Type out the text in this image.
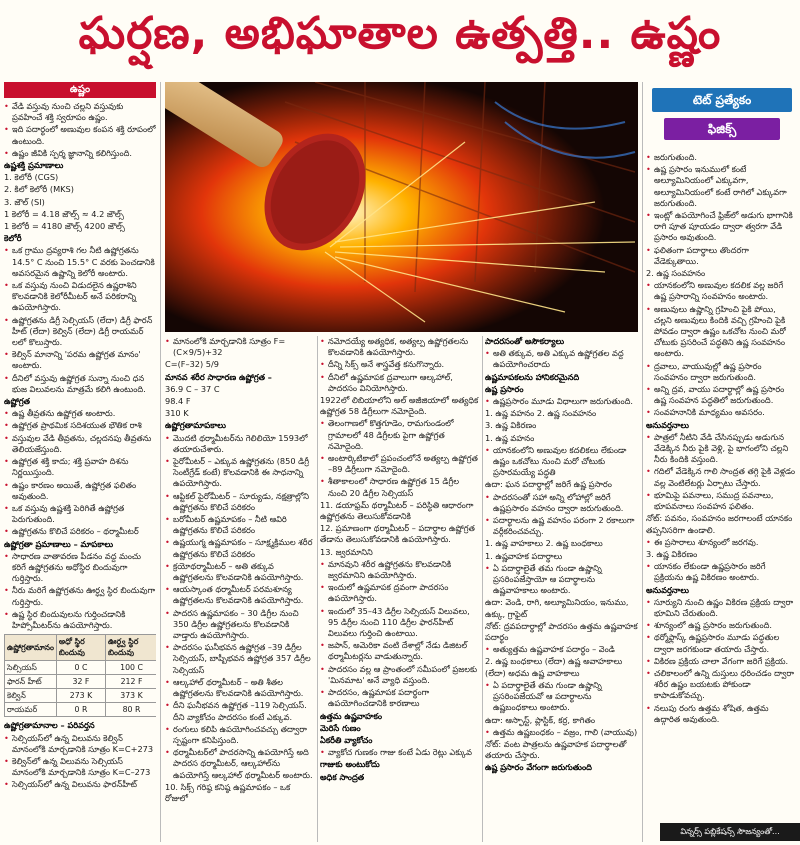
ఘర్షణ, అభిఘాతాల ఉత్పత్తి.. ఉష్ణం
ఉష్ణం

• వేడి వస్తువు నుంచి చల్లని వస్తువుకు ప్రవహించే శక్తి స్వరూపం ఉష్ణం.

• ఇది పదార్థంలో అణువుల కంపన శక్తి రూపంలో ఉంటుంది.

• ఉష్ణం జీవికి స్పర్శ జ్ఞానాన్ని కలిగిస్తుంది.

ఉష్ణశక్తి ప్రమాణాలు

1. కెలోరీ (CGS)

2. కిలో కెలోరీ (MKS)

3. జౌల్ (SI)

1 కెలోరీ = 4.18 జౌల్స్ ≈ 4.2 జౌల్స్

1 కెలోరీ = 4180 జౌల్స్ 4200 జౌల్స్

కెలోరీ

• ఒక గ్రాము ద్రవ్యరాశి గల నీటి ఉష్ణోగ్రతను 14.5° C నుంచి 15.5° C వరకు పెంచడానికి అవసరమైన ఉష్ణాన్ని కెలోరీ అంటారు.

• ఒక వస్తువు నుంచి విడుదలైన ఉష్ణరాశిని కొలవడానికి కెలోరీమీటర్ అనే పరికరాన్ని ఉపయోగిస్తారు.

• ఉష్ణోగ్రతను డిగ్రీ సెల్సియస్ (లేదా) డిగ్రీ ఫారన్ హీట్ (లేదా) కెల్విన్ (లేదా) డిగ్రీ రాయమర్ లలో కొలుస్తారు.

• కెల్విన్ మానాన్ని 'పరమ ఉష్ణోగ్రత మానం' అంటారు.

• దీనిలో వస్తువు ఉష్ణోగ్రత సున్నా నుంచి ధన భుజ విలువలను మాత్రమే కలిగి ఉంటుంది.

ఉష్ణోగ్రత

• ఉష్ణ తీవ్రతను ఉష్ణోగ్రత అంటారు.

• ఉష్ణోగ్రత ప్రాథమిక సదిశయుత భౌతిక రాశి

• వస్తువుల వేడి తీవ్రతను, చల్లదనపు తీవ్రతను తెలియజేస్తుంది.

• ఉష్ణోగ్రత శక్తి కాదు; శక్తి ప్రవాహ దిశను నిర్ణయిస్తుంది.

• ఉష్ణం కారణం అయితే, ఉష్ణోగ్రత ఫలితం అవుతుంది.

• ఒక వస్తువు ఉష్ణశక్తి పెరిగితే ఉష్ణోగ్రత పెరుగుతుంది.

• ఉష్ణోగ్రతను కొలిచే పరికరం – థర్మామీటర్

ఉష్ణోగ్రతా ప్రమాణాలు – మాపకాలు

• సాధారణ వాతావరణ పీడనం వద్ద మంచు కరిగే ఉష్ణోగ్రతను అధోస్థిర బిందువుగా గుర్తిస్తారు.

• నీరు మరిగే ఉష్ణోగ్రతను ఊర్ధ్వ స్థిర బిందువుగా గుర్తిస్తారు.

• ఉష్ణ స్థిర బిందువులను గుర్తించడానికి హిప్సోమీటర్‌ను ఉపయోగిస్తారు.

ఉష్ణోగ్రతామానం	అధో స్థిర బిందువు	ఊర్ధ్వ స్థిర బిందువు
సెల్సియస్	0 C	100 C
ఫారన్ హీట్	32 F	212 F
కెల్విన్	273 K	373 K
రాయమర్	0 R	80 R

ఉష్ణోగ్రతామానాల – పరివర్తన

• సెల్సియస్‌లో ఉన్న విలువను కెల్విన్ మానంలోకి మార్చడానికి సూత్రం K=C+273

• కెల్విన్‌లో ఉన్న విలువను సెల్సియస్ మానంలోకి మార్చడానికి సూత్రం K=C–273

• సెల్సియస్‌లో ఉన్న విలువను ఫారన్‌హీట్

• మానంలోకి మార్చడానికి సూత్రం F=(C×9/5)+32

C=(F–32) 5/9

మానవ శరీర సాధారణ ఉష్ణోగ్రత –

36.9 C – 37 C

98.4 F

310 K

ఉష్ణోగ్రతామాపకాలు

• మొదటి థర్మామీటర్‌ను గెలిలియో 1593లో తయారుచేశారు.

• పైరోమీటర్ – ఎక్కువ ఉష్ణోగ్రతను (850 డిగ్రీ సెంటీగ్రేడ్ కంటే) కొలవడానికి ఈ సాధనాన్ని ఉపయోగిస్తారు.

• ఆప్టికల్ పైరోమీటర్ – సూర్యుడు, నక్షత్రాల్లోని ఉష్ణోగ్రతను కొలిచే పరికరం

• బరోమీటర్ ఉష్ణమాపకం – నీటి ఆవిరి ఉష్ణోగ్రతను కొలిచే పరికరం

• ఉష్ణయుగ్మ ఉష్ణమాపకం – సూక్ష్మక్రిముల శరీర ఉష్ణోగ్రతను కొలిచే పరికరం

• క్రయోథర్మామీటర్ – అతి తక్కువ ఉష్ణోగ్రతలను కొలవడానికి ఉపయోగిస్తారు.

• ఆయస్కాంత థర్మామీటర్ పరమశూన్య ఉష్ణోగ్రతలను కొలవడానికి ఉపయోగిస్తారు.

• పాదరస ఉష్ణమాపకం – 30 డిగ్రీల నుంచి 350 డిగ్రీల ఉష్ణోగ్రతలను కొలవడానికి వాడ్తారు ఉపయోగిస్తారు.

• పాదరసం ఘనీభవన ఉష్ణోగ్రత –39 డిగ్రీల సెల్సియస్, బాష్పీభవన ఉష్ణోగ్రత 357 డిగ్రీల సెల్సియస్

• ఆల్కహాల్ థర్మామీటర్ – అతి శీతల ఉష్ణోగ్రతలను కొలవడానికి ఉపయోగిస్తారు.

• దీని ఘనీభవన ఉష్ణోగ్రత –119 సెల్సియస్. దీని వ్యాకోచం పాదరసం కంటే ఎక్కువ.

• రంగులు కలిపి ఉపయోగించవచ్చు తద్వారా స్పష్టంగా కనిపిస్తుంది.

• థర్మామీటర్‌లో పాదరసాన్ని ఉపయోగిస్తే అది పాదరస థర్మామీటర్, ఆల్కహాల్‌ను ఉపయోగిస్తే ఆల్కహాల్ థర్మామీటర్ అంటారు.

10. సిక్స్ గరిష్ఠ కనిష్ఠ ఉష్ణమాపకం – ఒక రోజులో

• నమోదయ్యే అత్యధిక, అత్యల్ప ఉష్ణోగ్రతలను కొలవడానికి ఉపయోగిస్తారు.

• దీన్ని సిక్స్ అనే శాస్త్రవేత్త కనుగొన్నారు.

• దీనిలో ఉష్ణమాపక ద్రవాలుగా ఆల్కహాల్, పాదరసం వినియోగిస్తారు.

1922లో లిబియాలోని అల్ అజీజియాలో అత్యధిక ఉష్ణోగ్రత 58 డిగ్రీలుగా నమోదైంది.

• తెలంగాణలో కొత్తగూడెం, రామగుండంలో గ్రామాలలో 48 డిగ్రీలకు పైగా ఉష్ణోగ్రత నమోదైంది.

• అంటార్కిటికాలో ప్రపంచంలోనే అత్యల్ప ఉష్ణోగ్రత –89 డిగ్రీలుగా నమోదైంది.

• శీతాకాలంలో సాధారణ ఉష్ణోగ్రత 15 డిగ్రీల నుంచి 20 డిగ్రీల సెల్సియస్

11. డయాఫ్రమ్ థర్మామీటర్ – పరిస్థితి ఆధారంగా ఉష్ణోగ్రతను తెలుసుకోవడానికి

12. ప్రమాణంగా థర్మామీటర్ – పదార్థాల ఉష్ణోగ్రత తేడాను తెలుసుకోవడానికి ఉపయోగిస్తారు.

13. జ్వరమానిని

• మానవుని శరీర ఉష్ణోగ్రతను కొలవడానికి జ్వరమానిని ఉపయోగిస్తారు.

• ఇందులో ఉష్ణమాపక ద్రవంగా పాదరసం ఉపయోగిస్తారు.

• ఇందులో 35–43 డిగ్రీల సెల్సియస్ విలువలు, 95 డిగ్రీల నుంచి 110 డిగ్రీల ఫారన్‌హీట్ విలువలు గుర్తించి ఉంటాయి.

• జపాన్, అమెరికా వంటి దేశాల్లో నేడు డిజిటల్ థర్మామీటర్లను వాడుతున్నారు.

• పాదరసం వల్ల ఆ ప్రాంతంలో సమీపంలో ప్రజలకు 'మినమాట' అనే వ్యాధి వస్తుంది.

• పాదరసం, ఉష్ణమాపక పదార్థంగా ఉపయోగించడానికి కారణాలు

ఉత్తమ ఉష్ణవాహకం

మెరిసే గుణం

ఏకరీతి వ్యాకోచం

• వ్యాకోచ గుణకం గాజు కంటే ఏడు రెట్లు ఎక్కువ

గాజుకు అంటుకోదు

అధిక సాంద్రత

పాదరసంతో అసౌకర్యాలు

• అతి తక్కువ, అతి ఎక్కువ ఉష్ణోగ్రతల వద్ద ఉపయోగించరాదు

ఉష్ణమాపకలను హానికరమైనది

ఉష్ణ ప్రసారం

• ఉష్ణప్రసారం మూడు విధాలుగా జరుగుతుంది.

1. ఉష్ణ వహనం 2. ఉష్ణ సంవహనం

3. ఉష్ణ వికిరణం

1. ఉష్ణ వహనం

• యానకంలోని అణువుల కదలికలు లేకుండా ఉష్ణం ఒకచోటు నుంచి మరో చోటుకు ప్రసారమయ్యే పద్ధతి

ఉదా: ఘన పదార్థాల్లో జరిగే ఉష్ణ ప్రసారం

• పాదరసంతో సహా అన్ని లోహాల్లో జరిగే ఉష్ణప్రసారం వహనం ద్వారా జరుగుతుంది.

• పదార్థాలను ఉష్ణ వహనం పరంగా 2 రకాలుగా వర్గీకరించవచ్చు.

1. ఉష్ణ వాహకాలు 2. ఉష్ణ బంధకాలు

1. ఉష్ణవాహక పదార్థాలు

• ఏ పదార్థాలైతే తమ గుండా ఉష్ణాన్ని ప్రసరింపజేస్తాయో ఆ పదార్థాలను ఉష్ణవాహకాలు అంటారు.

ఉదా: వెండి, రాగి, అల్యూమినియం, ఇనుము, ఉక్కు, గ్రాఫైట్

నోట్: ద్రవపదార్థాల్లో పాదరసం ఉత్తమ ఉష్ణవాహక పదార్థం

• అత్యుత్తమ ఉష్ణవాహక పదార్థం – వెండి

2. ఉష్ణ బంధకాలు (లేదా) ఉష్ణ అవాహకాలు (లేదా) అధమ ఉష్ణ వాహకాలు

• ఏ పదార్థాలైతే తమ గుండా ఉష్ణాన్ని ప్రసరింపజేయవో ఆ పదార్థాలను ఉష్ణబంధకాలు అంటారు.

ఉదా: ఆస్ఫాస్ట్, ప్లాస్టిక్, కర్ర, కాగితం

• ఉత్తమ ఉష్ణబంధకం – వజ్రం, గాలి (వాయువు)

నోట్: వంట పాత్రలను ఉష్ణవాహక పదార్థాలతో తయారు చేస్తారు.

ఉష్ణ ప్రసారం వేగంగా జరుగుతుంది

టెట్ ప్రత్యేకం
ఫిజిక్స్

• జరుగుతుంది.

• ఉష్ణ ప్రసారం ఇనుములో కంటే అల్యూమినియంలో ఎక్కువగా, అల్యూమినియంలో కంటే రాగిలో ఎక్కువగా జరుగుతుంది.

• ఇంట్లో ఉపయోగించే ఫ్రిజ్‌లో అడుగు భాగానికి రాగి పూత పూయడం ద్వారా త్వరగా వేడి ప్రసారం అవుతుంది.

• ఫలితంగా పదార్థాలు తొందరగా వేడెక్కుతాయి.

2. ఉష్ణ సంవహనం

• యానకంలోని అణువుల కదలిక వల్ల జరిగే ఉష్ణ ప్రసారాన్ని సంవహనం అంటారు.

• అణువులు ఉష్ణాన్ని గ్రహించి పైకి పోయి, చల్లని అణువులు కిందికి వచ్చి గ్రహించి పైకి పోవడం ద్వారా ఉష్ణం ఒకచోట నుంచి మరో చోటుకు ప్రసరించే పద్ధతిని ఉష్ణ సంవహనం అంటారు.

• ద్రవాలు, వాయువుల్లో ఉష్ణ ప్రసారం సంవహనం ద్వారా జరుగుతుంది.

• అన్ని ద్రవ, వాయు పదార్థాల్లో ఉష్ణ ప్రసారం ఉష్ణ సంవహన పద్ధతిలో జరుగుతుంది.

• సంవహనానికి మాధ్యమం అవసరం.

అనువర్తనాలు

• పాత్రలో నీటిని వేడి చేసినప్పుడు అడుగున వేడెక్కిన నీరు పైకి వెళ్లి, పై భాగంలోని చల్లని నీరు కిందికి వస్తుంది.

• గదిలో వేడెక్కిన గాలి సాంద్రత తగ్గి పైకి వెళ్లడం వల్ల వెంటిలేటర్లు ఏర్పాటు చేస్తారు.

• భూమిపై పవనాలు, సముద్ర పవనాలు, భూపవనాలు సంవహన ఫలితం.

నోట్: పవనం, సంవహనం జరగాలంటే యానకం తప్పనిసరిగా ఉండాలి.

• ఈ ప్రసారాలు శూన్యంలో జరగవు.

3. ఉష్ణ వికిరణం

• యానకం లేకుండా ఉష్ణప్రసారం జరిగే ప్రక్రియను ఉష్ణ వికిరణం అంటారు.

అనువర్తనాలు

• సూర్యుని నుంచి ఉష్ణం వికిరణ ప్రక్రియ ద్వారా భూమిని చేరుతుంది.

• శూన్యంలో ఉష్ణ ప్రసారం జరుగుతుంది.

• థర్మోఫ్లాస్క్ ఉష్ణప్రసారం మూడు పద్ధతుల ద్వారా జరగకుండా తయారు చేస్తారు.

• వికిరణ ప్రక్రియ చాలా వేగంగా జరిగే ప్రక్రియ.

• చలికాలంలో ఉన్ని దుస్తులు ధరించడం ద్వారా శరీర ఉష్ణం బయటకు పోకుండా కాపాడుకోవచ్చు.

• నలుపు రంగు ఉత్తమ శోషిత, ఉత్తమ ఉద్గారిత అవుతుంది.

విన్నర్స్ పబ్లికేషన్స్ సౌజన్యంతో...
